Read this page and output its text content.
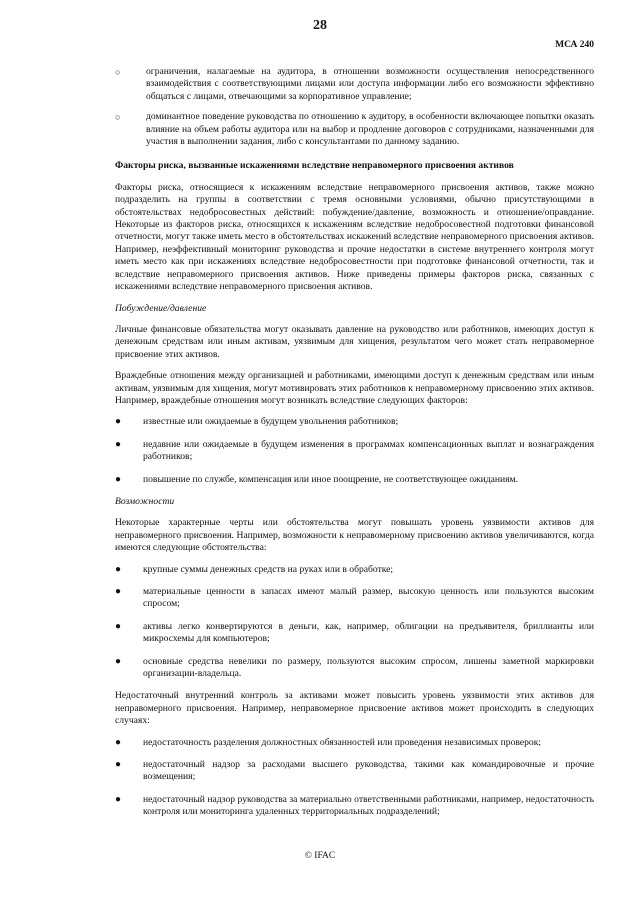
28
МСА 240
○	ограничения, налагаемые на аудитора, в отношении возможности осуществления непосредственного взаимодействия с соответствующими лицами или доступа информации либо его возможности эффективно общаться с лицами, отвечающими за корпоративное управление;
○	доминантное поведение руководства по отношению к аудитору, в особенности включающее попытки оказать влияние на объем работы аудитора или на выбор и продление договоров с сотрудниками, назначенными для участия в выполнении задания, либо с консультантами по данному заданию.
Факторы риска, вызванные искажениями вследствие неправомерного присвоения активов

Факторы риска, относящиеся к искажениям вследствие неправомерного присвоения активов, также можно подразделить на группы в соответствии с тремя основными условиями, обычно присутствующими в обстоятельствах недобросовестных действий: побуждение/давление, возможность и отношение/оправдание. Некоторые из факторов риска, относящихся к искажениям вследствие недобросовестной подготовки финансовой отчетности, могут также иметь место в обстоятельствах искажений вследствие неправомерного присвоения активов. Например, неэффективный мониторинг руководства и прочие недостатки в системе внутреннего контроля могут иметь место как при искажениях вследствие недобросовестности при подготовке финансовой отчетности, так и вследствие неправомерного присвоения активов. Ниже приведены примеры факторов риска, связанных с искажениями вследствие неправомерного присвоения активов.

Побуждение/давление

Личные финансовые обязательства могут оказывать давление на руководство или работников, имеющих доступ к денежным средствам или иным активам, уязвимым для хищения, результатом чего может стать неправомерное присвоение этих активов.

Враждебные отношения между организацией и работниками, имеющими доступ к денежным средствам или иным активам, уязвимым для хищения, могут мотивировать этих работников к неправомерному присвоению этих активов. Например, враждебные отношения могут возникать вследствие следующих факторов:

● известные или ожидаемые в будущем увольнения работников;
● недавние или ожидаемые в будущем изменения в программах компенсационных выплат и вознаграждения работников;
● повышение по службе, компенсация или иное поощрение, не соответствующее ожиданиям.
Возможности

Некоторые характерные черты или обстоятельства могут повышать уровень уязвимости активов для неправомерного присвоения. Например, возможности к неправомерному присвоению активов увеличиваются, когда имеются следующие обстоятельства:

● крупные суммы денежных средств на руках или в обработке;
● материальные ценности в запасах имеют малый размер, высокую ценность или пользуются высоким спросом;
● активы легко конвертируются в деньги, как, например, облигации на предъявителя, бриллианты или микросхемы для компьютеров;
● основные средства невелики по размеру, пользуются высоким спросом, лишены заметной маркировки организации-владельца.

Недостаточный внутренний контроль за активами может повысить уровень уязвимости этих активов для неправомерного присвоения. Например, неправомерное присвоение активов может происходить в следующих случаях:

● недостаточность разделения должностных обязанностей или проведения независимых проверок;
● недостаточный надзор за расходами высшего руководства, такими как командировочные и прочие возмещения;
● недостаточный надзор руководства за материально ответственными работниками, например, недостаточность контроля или мониторинга удаленных территориальных подразделений;
© IFAC
